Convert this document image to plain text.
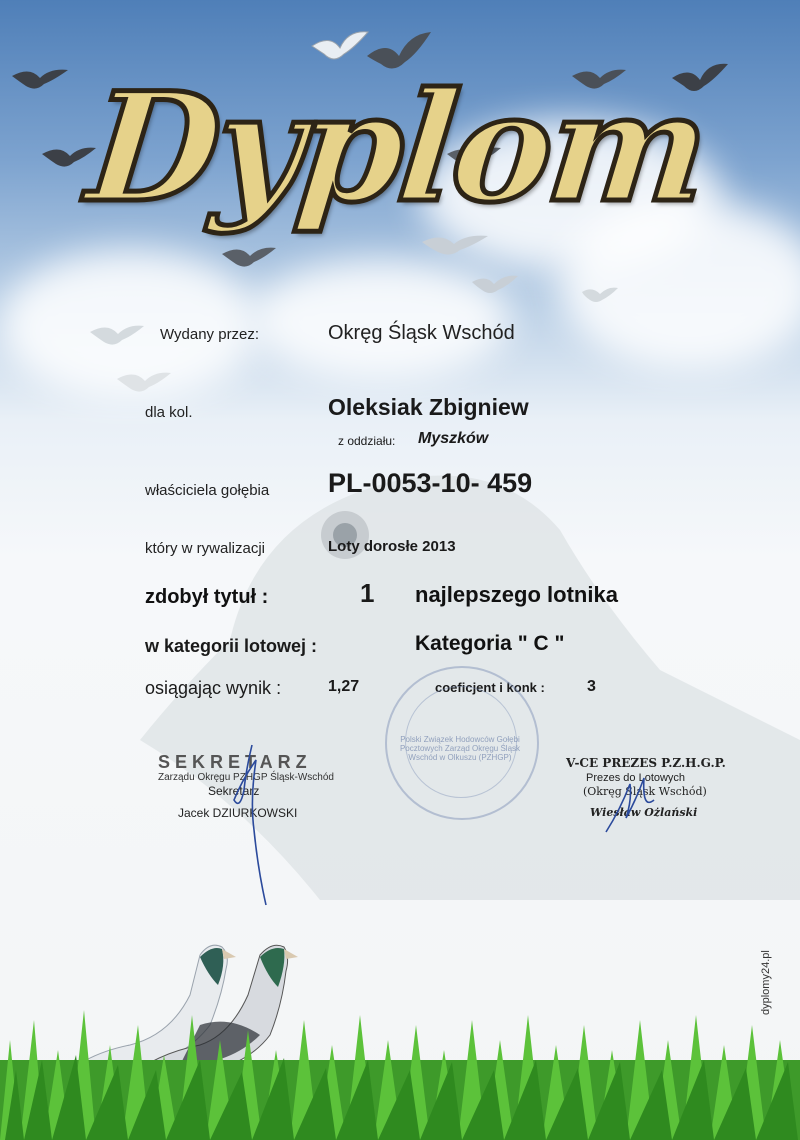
Dyplom
Wydany przez:	Okręg Śląsk Wschód
dla kol.	Oleksiak Zbigniew
z oddziału: Myszków
właściciela gołębia PL-0053-10- 459
który w rywalizacji	Loty dorosłe 2013
zdobył tytuł :	1 najlepszego lotnika
w kategorii lotowej :	Kategoria " C "
osiągając wynik :	1,27	coeficjent i konk :	3
Polski Związek Hodowców Gołębi Pocztowych Zarząd Okręgu Śląsk Wschód w Olkuszu (PZHGP)
SEKRETARZ
Zarządu Okręgu PZHGP Śląsk-Wschód
Sekretarz
Jacek DZIURKOWSKI
V-CE PREZES P.Z.H.G.P.
Prezes do Lotowych
(Okręg Śląsk Wschód)
Wiesław Ożlański
dyplomy24.pl
